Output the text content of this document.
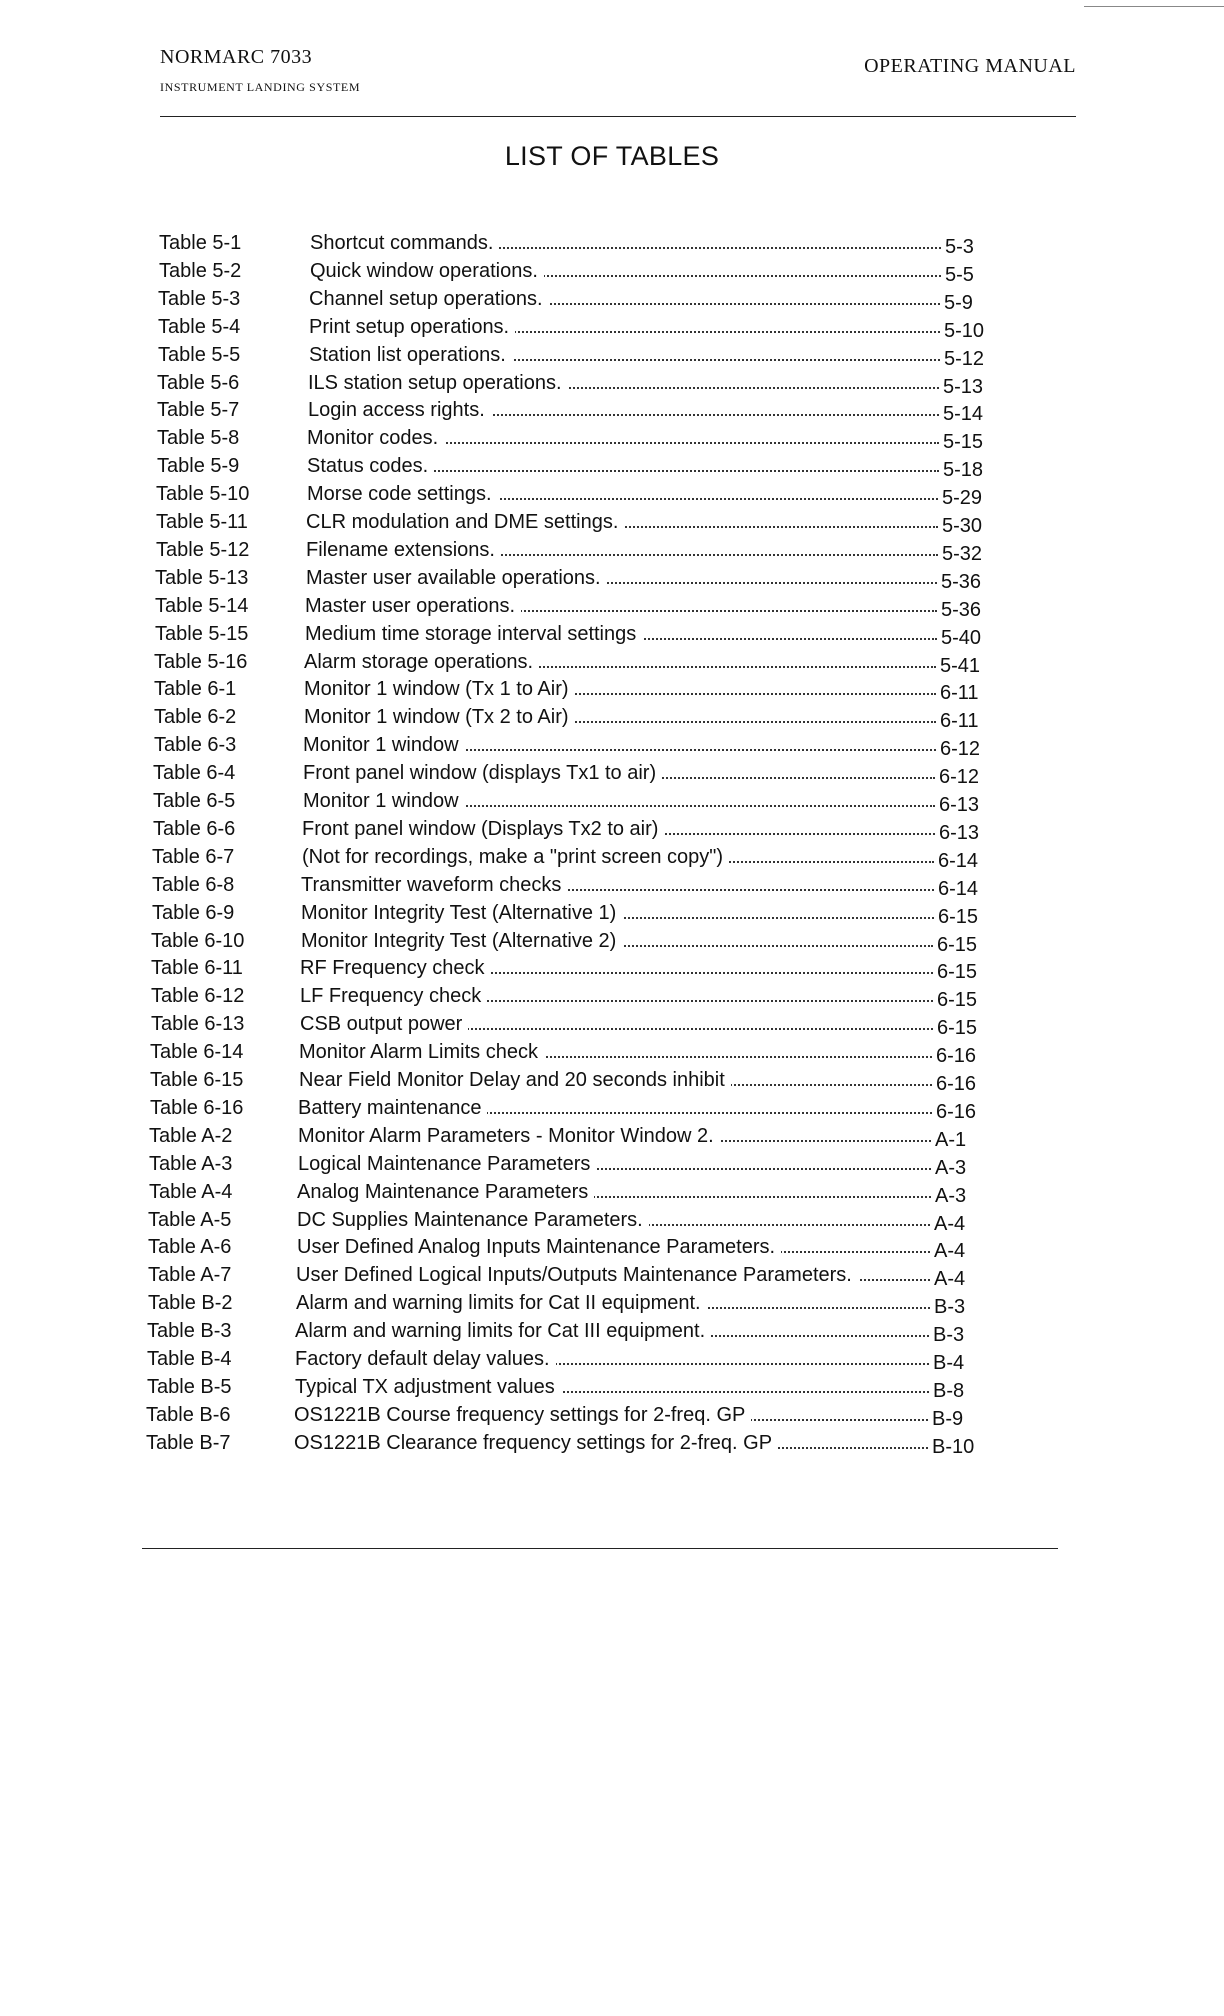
NORMARC 7033
INSTRUMENT LANDING SYSTEM
OPERATING MANUAL
LIST OF TABLES
Table 5-1	Shortcut commands.	5-3
Table 5-2	Quick window operations.	5-5
Table 5-3	Channel setup operations.	5-9
Table 5-4	Print setup operations.	5-10
Table 5-5	Station list operations.	5-12
Table 5-6	ILS station setup operations.	5-13
Table 5-7	Login access rights.	5-14
Table 5-8	Monitor codes.	5-15
Table 5-9	Status codes.	5-18
Table 5-10	Morse code settings.	5-29
Table 5-11	CLR modulation and DME settings.	5-30
Table 5-12	Filename extensions.	5-32
Table 5-13	Master user available operations.	5-36
Table 5-14	Master user operations.	5-36
Table 5-15	Medium time storage interval settings	5-40
Table 5-16	Alarm storage operations.	5-41
Table 6-1	Monitor 1 window (Tx 1 to Air)	6-11
Table 6-2	Monitor 1 window (Tx 2 to Air)	6-11
Table 6-3	Monitor 1 window	6-12
Table 6-4	Front panel window (displays Tx1 to air)	6-12
Table 6-5	Monitor 1 window	6-13
Table 6-6	Front panel window (Displays Tx2 to air)	6-13
Table 6-7	(Not for recordings, make a "print screen copy")	6-14
Table 6-8	Transmitter waveform checks	6-14
Table 6-9	Monitor Integrity Test (Alternative 1)	6-15
Table 6-10	Monitor Integrity Test (Alternative 2)	6-15
Table 6-11	RF Frequency check	6-15
Table 6-12	LF Frequency check	6-15
Table 6-13	CSB output power	6-15
Table 6-14	Monitor Alarm Limits check	6-16
Table 6-15	Near Field Monitor Delay and 20 seconds inhibit	6-16
Table 6-16	Battery maintenance	6-16
Table A-2	Monitor Alarm Parameters - Monitor Window 2.	A-1
Table A-3	Logical Maintenance Parameters	A-3
Table A-4	Analog Maintenance Parameters	A-3
Table A-5	DC Supplies Maintenance Parameters.	A-4
Table A-6	User Defined Analog Inputs Maintenance Parameters.	A-4
Table A-7	User Defined Logical Inputs/Outputs Maintenance Parameters.	A-4
Table B-2	Alarm and warning limits for Cat II equipment.	B-3
Table B-3	Alarm and warning limits for Cat III equipment.	B-3
Table B-4	Factory default delay values.	B-4
Table B-5	Typical TX adjustment values	B-8
Table B-6	OS1221B Course frequency settings for 2-freq. GP	B-9
Table B-7	OS1221B Clearance frequency settings for 2-freq. GP	B-10
